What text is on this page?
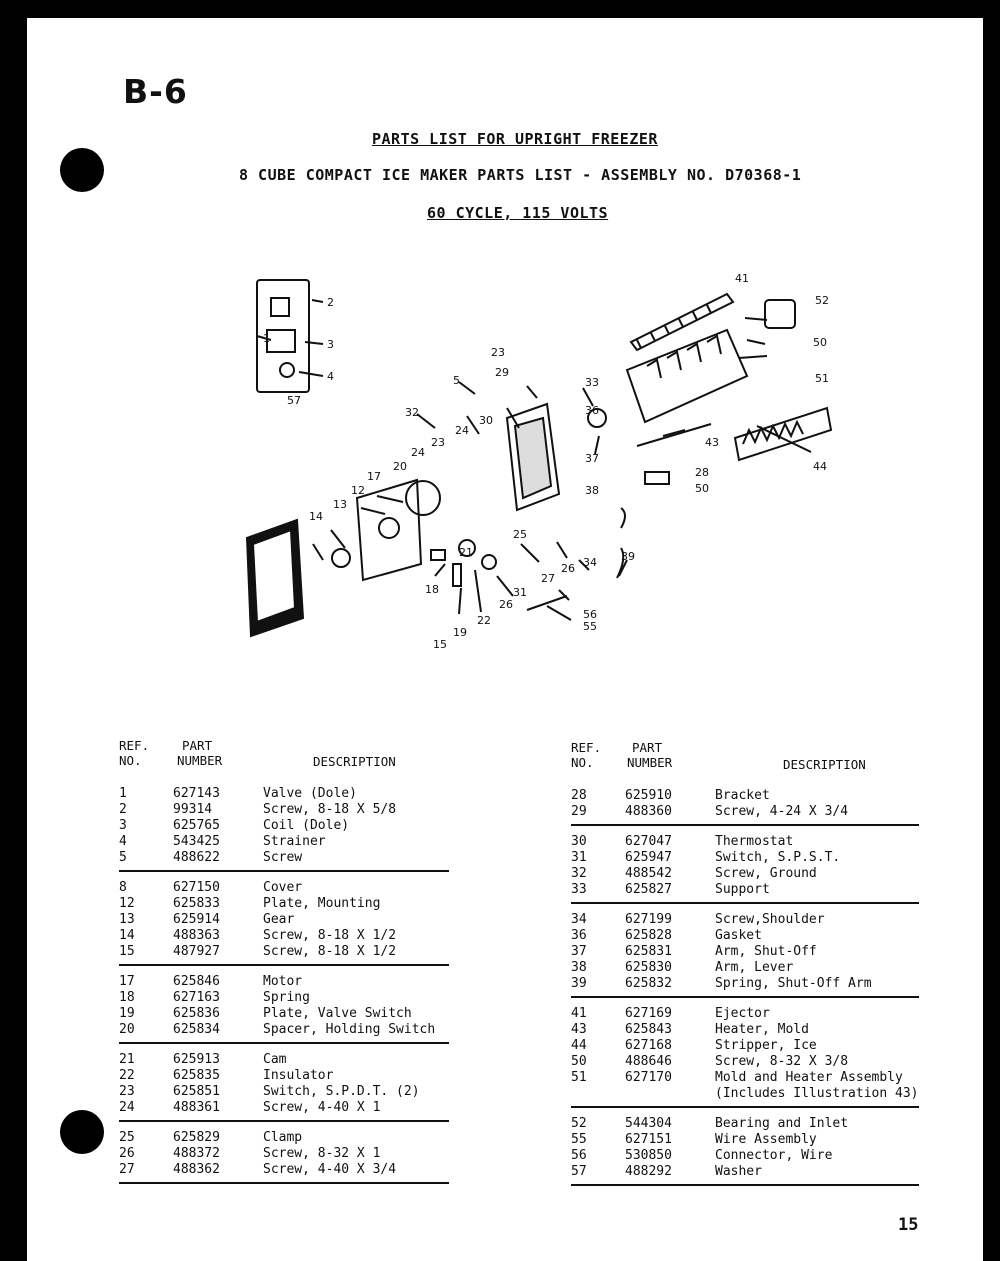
B-6
PARTS LIST FOR UPRIGHT FREEZER
8 CUBE COMPACT ICE MAKER PARTS LIST - ASSEMBLY NO. D70368-1
60 CYCLE, 115 VOLTS
1
2
3
4
57
5
8
12
13
14
15
17
18
19
20
21
22
23
23
24
24
25
26
26
27
28
29
30
31
32
33
34
36
37
38
39
41
43
44
50
50
51
52
55
56
REF.
NO.
PART
NUMBER	DESCRIPTION
REF.
NO.
PART
NUMBER	DESCRIPTION
1	627143	Valve (Dole)
2	99314	Screw, 8-18 X 5/8
3	625765	Coil (Dole)
4	543425	Strainer
5	488622	Screw
8	627150	Cover
12	625833	Plate, Mounting
13	625914	Gear
14	488363	Screw, 8-18 X 1/2
15	487927	Screw, 8-18 X 1/2
17	625846	Motor
18	627163	Spring
19	625836	Plate, Valve Switch
20	625834	Spacer, Holding Switch
21	625913	Cam
22	625835	Insulator
23	625851	Switch, S.P.D.T. (2)
24	488361	Screw, 4-40 X 1
25	625829	Clamp
26	488372	Screw, 8-32 X 1
27	488362	Screw, 4-40 X 3/4
28	625910	Bracket
29	488360	Screw, 4-24 X 3/4
30	627047	Thermostat
31	625947	Switch, S.P.S.T.
32	488542	Screw, Ground
33	625827	Support
34	627199	Screw,Shoulder
36	625828	Gasket
37	625831	Arm, Shut-Off
38	625830	Arm, Lever
39	625832	Spring, Shut-Off Arm
41	627169	Ejector
43	625843	Heater, Mold
44	627168	Stripper, Ice
50	488646	Screw, 8-32 X 3/8
51	627170	Mold and Heater Assembly
(Includes Illustration 43)
52	544304	Bearing and Inlet
55	627151	Wire Assembly
56	530850	Connector, Wire
57	488292	Washer
15
